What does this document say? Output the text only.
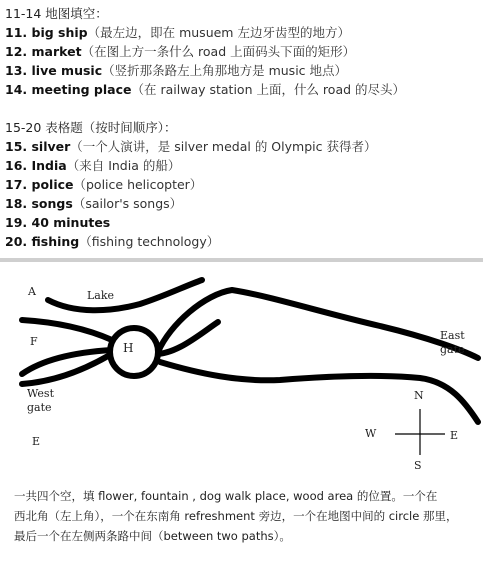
11-14 地图填空：
11. big ship（最左边，即在 musuem 左边牙齿型的地方）
12. market（在图上方一条什么 road 上面码头下面的矩形）
13. live music（竖折那条路左上角那地方是 music 地点）
14. meeting place（在 railway station 上面，什么 road 的尽头）
15-20 表格题（按时间顺序）：
15. silver（一个人演讲，是 silver medal 的 Olympic 获得者）
16. India（来自 India 的船）
17. police（police helicopter）
18. songs（sailor's songs）
19. 40 minutes
20. fishing（fishing technology）
A	Lake
F	H
East
gate
West
gate
E
N
S
W	E
一共四个空，填 flower, fountain , dog walk place, wood area 的位置。一个在
西北角（左上角），一个在东南角 refreshment 旁边，一个在地图中间的 circle 那里，
最后一个在左侧两条路中间（between two paths）。
